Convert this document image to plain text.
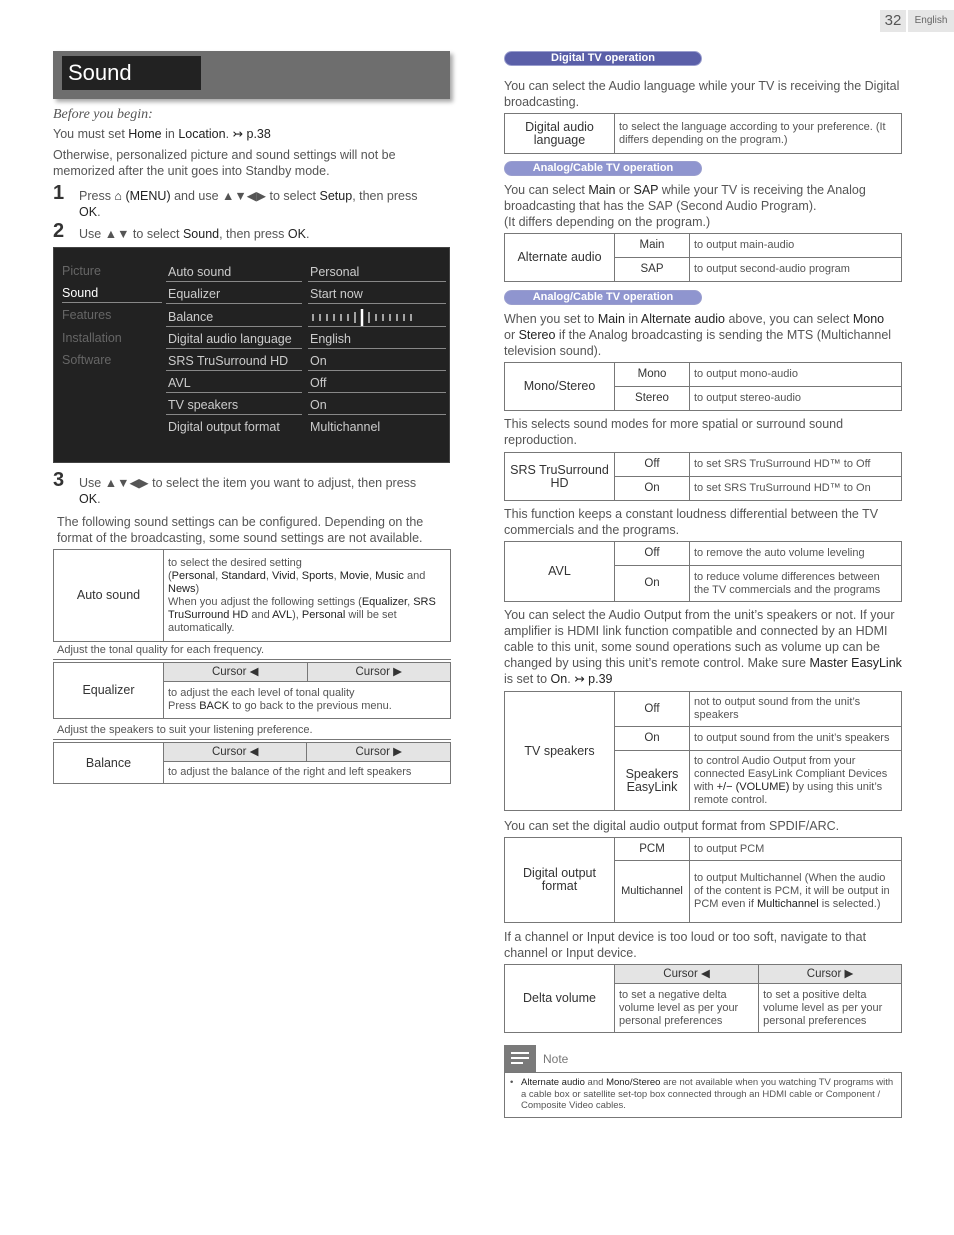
32	English
Sound
Before you begin:
You must set Home in Location. ↣ p.38
Otherwise, personalized picture and sound settings will not be memorized after the unit goes into Standby mode.
1 Press ⌂ (MENU) and use ▲▼◀▶ to select Setup, then press
OK.
2 Use ▲▼ to select Sound, then press OK.
Picture
Sound
Features
Installation
Software
Auto sound	Personal
Equalizer	Start now
Balance
Digital audio language	English
SRS TruSurround HD	On
AVL	Off
TV speakers	On
Digital output format	Multichannel
3 Use ▲▼◀▶ to select the item you want to adjust, then press
OK.
The following sound settings can be configured. Depending on the format of the broadcasting, some sound settings are not available.
Auto sound	to select the desired setting
(Personal, Standard, Vivid, Sports, Movie, Music and News)
When you adjust the following settings (Equalizer, SRS TruSurround HD and AVL), Personal will be set automatically.
Adjust the tonal quality for each frequency.
Equalizer	Cursor ◀	Cursor ▶
to adjust the each level of tonal quality
Press BACK to go back to the previous menu.
Adjust the speakers to suit your listening preference.
Balance	Cursor ◀	Cursor ▶
to adjust the balance of the right and left speakers
Digital TV operation
You can select the Audio language while your TV is receiving the Digital broadcasting.
Digital audio language	to select the language according to your preference. (It differs depending on the program.)
Analog/Cable TV operation
You can select Main or SAP while your TV is receiving the Analog broadcasting that has the SAP (Second Audio Program).
(It differs depending on the program.)
Alternate audio	Main	to output main-audio
	SAP	to output second-audio program
Analog/Cable TV operation
When you set to Main in Alternate audio above, you can select Mono
or Stereo if the Analog broadcasting is sending the MTS (Multichannel television sound).
Mono/Stereo	Mono	to output mono-audio
	Stereo	to output stereo-audio
This selects sound modes for more spatial or surround sound reproduction.
SRS TruSurround HD	Off	to set SRS TruSurround HD™ to Off
	On	to set SRS TruSurround HD™ to On
This function keeps a constant loudness differential between the TV commercials and the programs.
AVL	Off	to remove the auto volume leveling
	On	to reduce volume differences between the TV commercials and the programs
You can select the Audio Output from the unit’s speakers or not. If your amplifier is HDMI link function compatible and connected by an HDMI cable to this unit, some sound operations such as volume up can be changed by using this unit’s remote control. Make sure Master EasyLink
is set to On. ↣ p.39
TV speakers	Off	not to output sound from the unit’s speakers
	On	to output sound from the unit’s speakers
	Speakers EasyLink	to control Audio Output from your connected EasyLink Compliant Devices with +/− (VOLUME) by using this unit’s remote control.
You can set the digital audio output format from SPDIF/ARC.
Digital output format	PCM	to output PCM
	Multichannel	to output Multichannel (When the audio of the content is PCM, it will be output in PCM even if Multichannel is selected.)
If a channel or Input device is too loud or too soft, navigate to that channel or Input device.
Delta volume	Cursor ◀	Cursor ▶
	to set a negative delta volume level as per your personal preferences	to set a positive delta volume level as per your personal preferences
Note
• Alternate audio and Mono/Stereo are not available when you watching TV programs with a cable box or satellite set-top box connected through an HDMI cable or Component / Composite Video cables.
